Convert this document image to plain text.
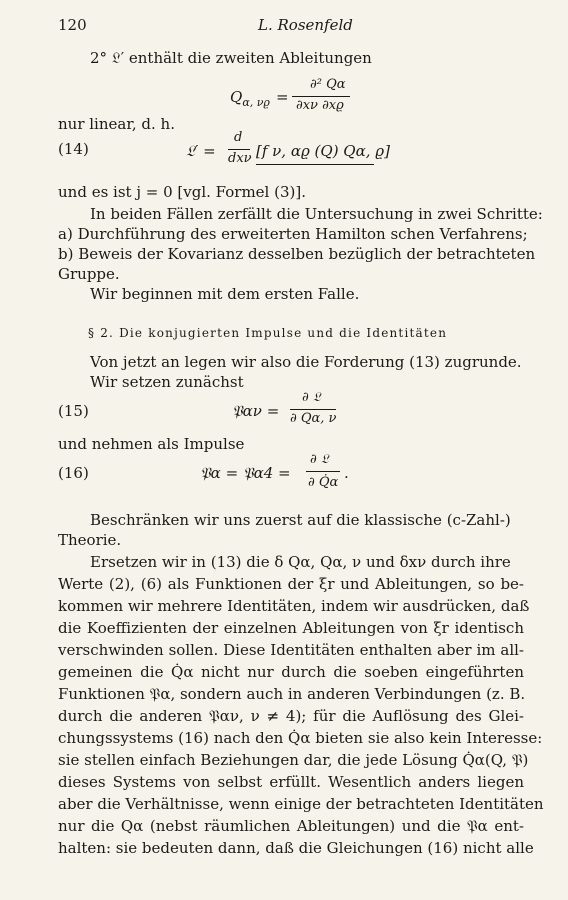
120	L. Rosenfeld
2° 𝔏′ enthält die zweiten Ableitungen
$Q_{\alpha, \nu ϱ}$ =
∂² Qα
∂xν ∂xϱ
nur linear, d. h.
(14)	𝔏′ =
d
dxν [f ν, αϱ (Q) Qα, ϱ]
und es ist j = 0 [vgl. Formel (3)].
In beiden Fällen zerfällt die Untersuchung in zwei Schritte:
a) Durchführung des erweiterten Hamilton schen Verfahrens;
b) Beweis der Kovarianz desselben bezüglich der betrachteten
Gruppe.
Wir beginnen mit dem ersten Falle.
§ 2. Die konjugierten Impulse und die Identitäten
Von jetzt an legen wir also die Forderung (13) zugrunde.
Wir setzen zunächst
(15)	𝔓αν =
∂ 𝔏
∂ Qα, ν
und nehmen als Impulse
(16)	𝔓α = 𝔓α4 =
∂ 𝔏
∂ Q̇α
.
Beschränken wir uns zuerst auf die klassische (c-Zahl-)
Theorie.
Ersetzen wir in (13) die δ Qα, Qα, ν und δxν durch ihre
Werte (2), (6) als Funktionen der ξr und Ableitungen, so be-
kommen wir mehrere Identitäten, indem wir ausdrücken, daß
die Koeffizienten der einzelnen Ableitungen von ξr identisch
verschwinden sollen. Diese Identitäten enthalten aber im all-
gemeinen die Q̇α nicht nur durch die soeben eingeführten
Funktionen 𝔓α, sondern auch in anderen Verbindungen (z. B.
durch die anderen 𝔓αν, ν ≠ 4); für die Auflösung des Glei-
chungssystems (16) nach den Q̇α bieten sie also kein Interesse:
sie stellen einfach Beziehungen dar, die jede Lösung Q̇α(Q, 𝔓)
dieses Systems von selbst erfüllt. Wesentlich anders liegen
aber die Verhältnisse, wenn einige der betrachteten Identitäten
nur die Qα (nebst räumlichen Ableitungen) und die 𝔓α ent-
halten: sie bedeuten dann, daß die Gleichungen (16) nicht alle
